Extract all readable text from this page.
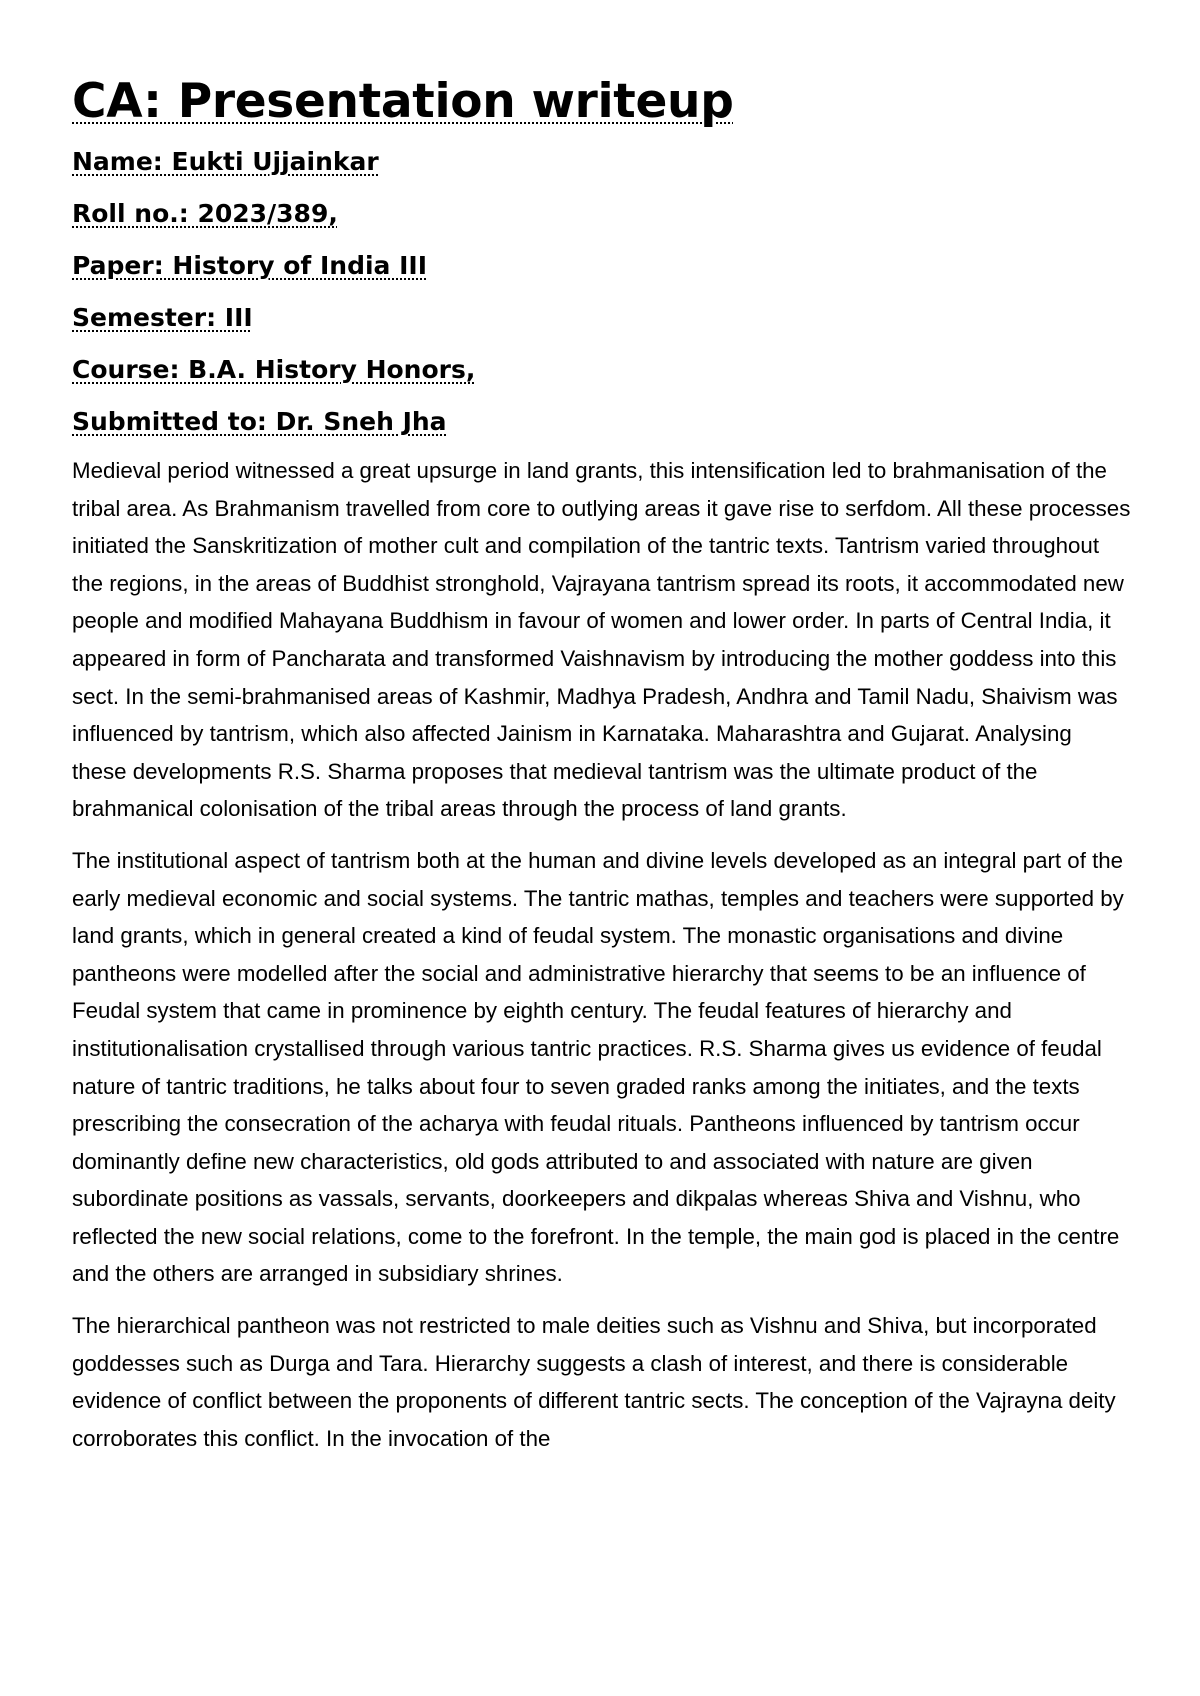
CA: Presentation writeup

Name: Eukti Ujjainkar

Roll no.: 2023/389,

Paper: History of India III

Semester: III

Course: B.A. History Honors,

Submitted to: Dr. Sneh Jha

Medieval period witnessed a great upsurge in land grants, this intensification led to brahmanisation of the tribal area. As Brahmanism travelled from core to outlying areas it gave rise to serfdom. All these processes initiated the Sanskritization of mother cult and compilation of the tantric texts. Tantrism varied throughout the regions, in the areas of Buddhist stronghold, Vajrayana tantrism spread its roots, it accommodated new people and modified Mahayana Buddhism in favour of women and lower order. In parts of Central India, it appeared in form of Pancharata and transformed Vaishnavism by introducing the mother goddess into this sect. In the semi-brahmanised areas of Kashmir, Madhya Pradesh, Andhra and Tamil Nadu, Shaivism was influenced by tantrism, which also affected Jainism in Karnataka. Maharashtra and Gujarat. Analysing these developments R.S. Sharma proposes that medieval tantrism was the ultimate product of the brahmanical colonisation of the tribal areas through the process of land grants.

The institutional aspect of tantrism both at the human and divine levels developed as an integral part of the early medieval economic and social systems. The tantric mathas, temples and teachers were supported by land grants, which in general created a kind of feudal system. The monastic organisations and divine pantheons were modelled after the social and administrative hierarchy that seems to be an influence of Feudal system that came in prominence by eighth century. The feudal features of hierarchy and institutionalisation crystallised through various tantric practices. R.S. Sharma gives us evidence of feudal nature of tantric traditions, he talks about four to seven graded ranks among the initiates, and the texts prescribing the consecration of the acharya with feudal rituals. Pantheons influenced by tantrism occur dominantly define new characteristics, old gods attributed to and associated with nature are given subordinate positions as vassals, servants, doorkeepers and dikpalas whereas Shiva and Vishnu, who reflected the new social relations, come to the forefront. In the temple, the main god is placed in the centre and the others are arranged in subsidiary shrines.

The hierarchical pantheon was not restricted to male deities such as Vishnu and Shiva, but incorporated goddesses such as Durga and Tara. Hierarchy suggests a clash of interest, and there is considerable evidence of conflict between the proponents of different tantric sects. The conception of the Vajrayna deity corroborates this conflict. In the invocation of the
